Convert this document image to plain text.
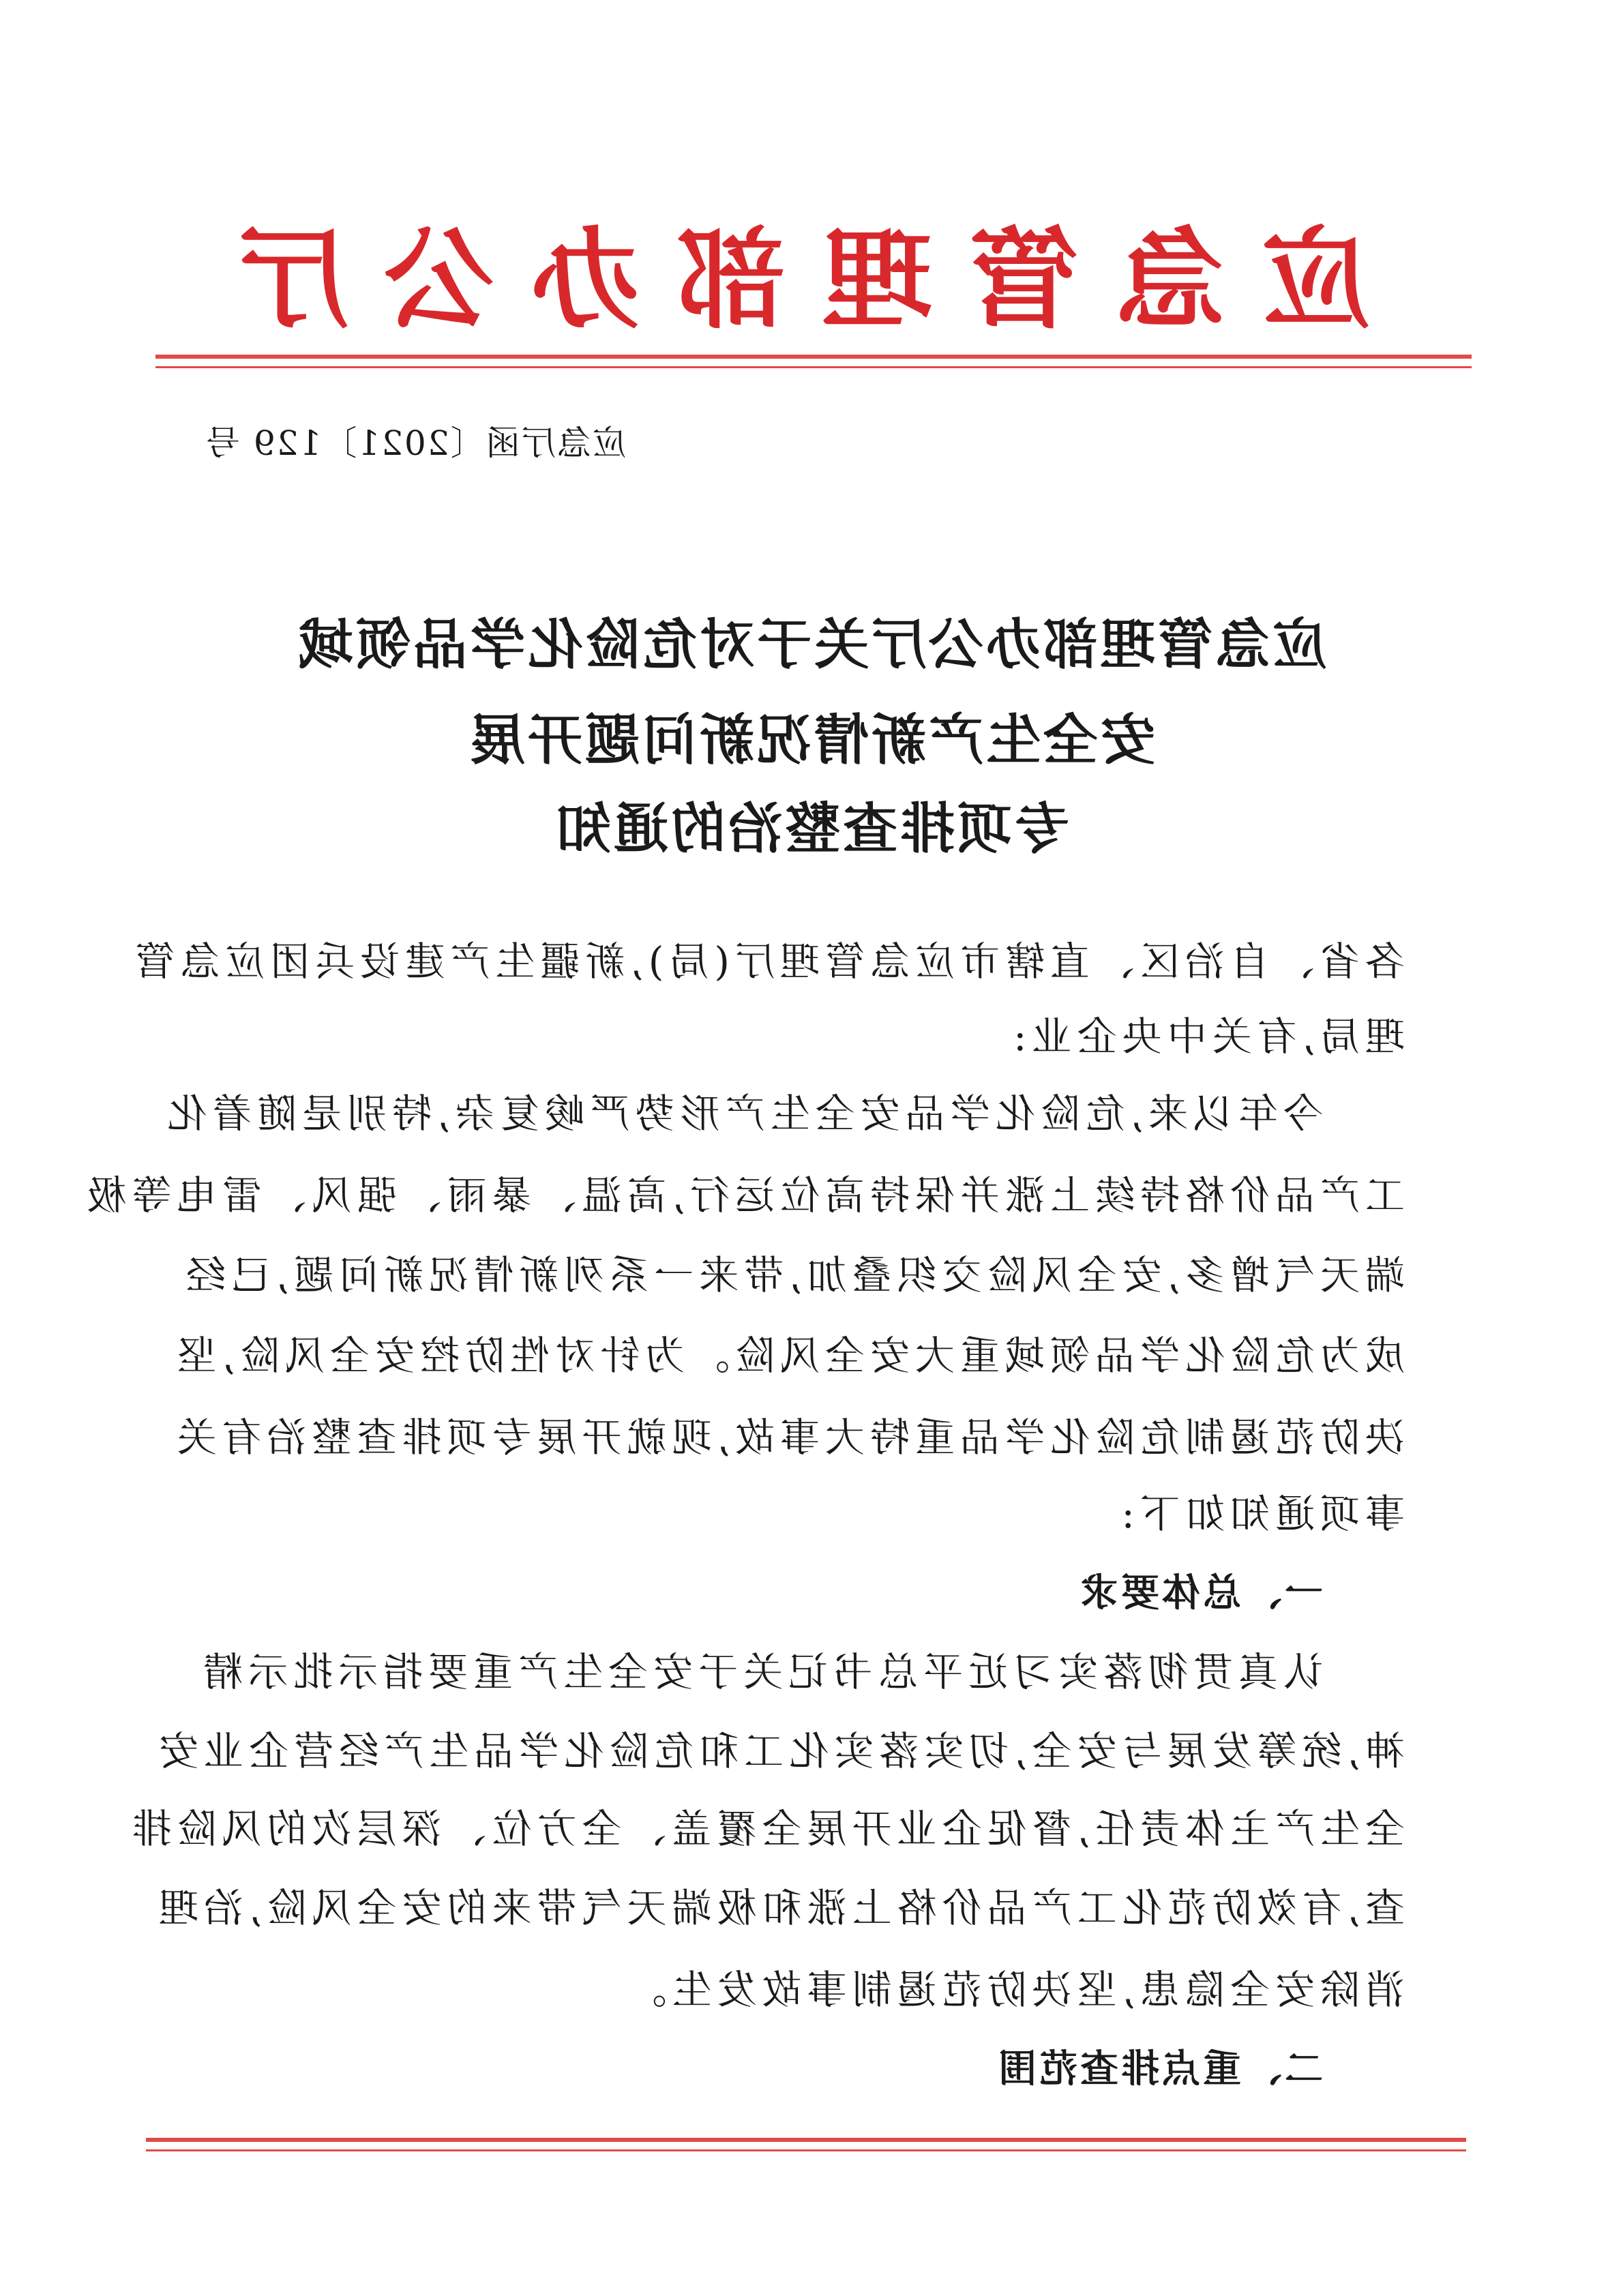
应
急
管
理
部
办
公
厅
应急厅函〔2021〕129 号
应急管理部办公厅关于对危险化学品领域
安全生产新情况新问题开展
专项排查整治的通知
各省、自治区、直辖市应急管理厅(局),新疆生产建设兵团应急管
理局,有关中央企业:
今年以来,危险化学品安全生产形势严峻复杂,特别是随着化
工产品价格持续上涨并保持高位运行,高温、暴雨、强风、雷电等极
端天气增多,安全风险交织叠加,带来一系列新情况新问题,已经
成为危险化学品领域重大安全风险。为针对性防控安全风险,坚
决防范遏制危险化学品重特大事故,现就开展专项排查整治有关
事项通知如下:
一、总体要求
认真贯彻落实习近平总书记关于安全生产重要指示批示精
神,统筹发展与安全,切实落实化工和危险化学品生产经营企业安
全生产主体责任,督促企业开展全覆盖、全方位、深层次的风险排
查,有效防范化工产品价格上涨和极端天气带来的安全风险,治理
消除安全隐患,坚决防范遏制事故发生。
二、重点排查范围
